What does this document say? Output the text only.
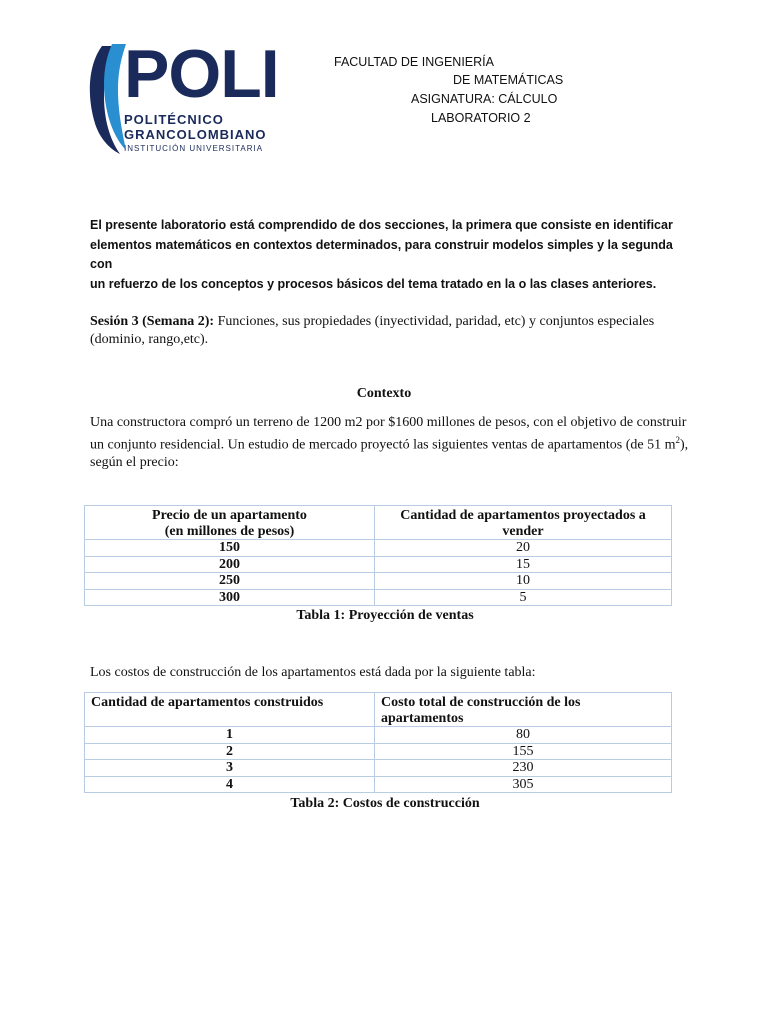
POLI
POLITÉCNICO
GRANCOLOMBIANO
INSTITUCIÓN UNIVERSITARIA
FACULTAD DE INGENIERÍA
DE MATEMÁTICAS
ASIGNATURA: CÁLCULO
LABORATORIO 2
El presente laboratorio está comprendido de dos secciones, la primera que consiste en identificar
elementos matemáticos en contextos determinados, para construir modelos simples y la segunda con
un refuerzo de los conceptos y procesos básicos del tema tratado en la o las clases anteriores.
Sesión 3 (Semana 2): Funciones, sus propiedades (inyectividad, paridad, etc) y conjuntos especiales (dominio, rango,etc).
Contexto
Una constructora compró un terreno de 1200 m2 por $1600 millones de pesos, con el objetivo de construir un conjunto residencial. Un estudio de mercado proyectó las siguientes ventas de apartamentos (de 51 $m^2$), según el precio:
Precio de un apartamento
(en millones de pesos)	Cantidad de apartamentos proyectados a vender
150	20
200	15
250	10
300	5
Tabla 1: Proyección de ventas
Los costos de construcción de los apartamentos está dada por la siguiente tabla:
Cantidad de apartamentos construidos	Costo total de construcción de los apartamentos
1	80
2	155
3	230
4	305
Tabla 2: Costos de construcción
